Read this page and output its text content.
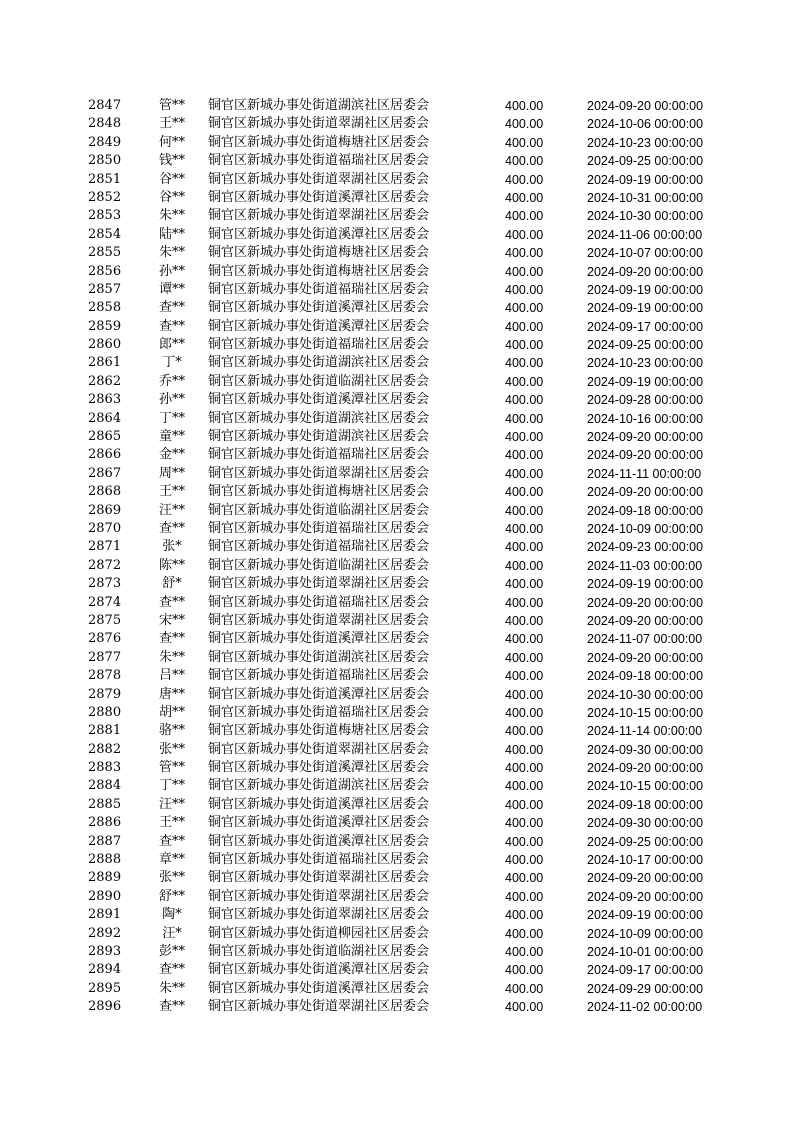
2847	管** 铜官区新城办事处街道湖滨社区居委会	400.00	2024-09-20 00:00:00
2848	王** 铜官区新城办事处街道翠湖社区居委会	400.00	2024-10-06 00:00:00
2849	何** 铜官区新城办事处街道梅塘社区居委会	400.00	2024-10-23 00:00:00
2850	钱** 铜官区新城办事处街道福瑞社区居委会	400.00	2024-09-25 00:00:00
2851	谷** 铜官区新城办事处街道翠湖社区居委会	400.00	2024-09-19 00:00:00
2852	谷** 铜官区新城办事处街道溪潭社区居委会	400.00	2024-10-31 00:00:00
2853	朱** 铜官区新城办事处街道翠湖社区居委会	400.00	2024-10-30 00:00:00
2854	陆** 铜官区新城办事处街道溪潭社区居委会	400.00	2024-11-06 00:00:00
2855	朱** 铜官区新城办事处街道梅塘社区居委会	400.00	2024-10-07 00:00:00
2856	孙** 铜官区新城办事处街道梅塘社区居委会	400.00	2024-09-20 00:00:00
2857	谭** 铜官区新城办事处街道福瑞社区居委会	400.00	2024-09-19 00:00:00
2858	查** 铜官区新城办事处街道溪潭社区居委会	400.00	2024-09-19 00:00:00
2859	查** 铜官区新城办事处街道溪潭社区居委会	400.00	2024-09-17 00:00:00
2860	郎** 铜官区新城办事处街道福瑞社区居委会	400.00	2024-09-25 00:00:00
2861	丁*	铜官区新城办事处街道湖滨社区居委会	400.00	2024-10-23 00:00:00
2862	乔** 铜官区新城办事处街道临湖社区居委会	400.00	2024-09-19 00:00:00
2863	孙** 铜官区新城办事处街道溪潭社区居委会	400.00	2024-09-28 00:00:00
2864	丁** 铜官区新城办事处街道湖滨社区居委会	400.00	2024-10-16 00:00:00
2865	童** 铜官区新城办事处街道湖滨社区居委会	400.00	2024-09-20 00:00:00
2866	金** 铜官区新城办事处街道福瑞社区居委会	400.00	2024-09-20 00:00:00
2867	周** 铜官区新城办事处街道翠湖社区居委会	400.00	2024-11-11 00:00:00
2868	王** 铜官区新城办事处街道梅塘社区居委会	400.00	2024-09-20 00:00:00
2869	汪** 铜官区新城办事处街道临湖社区居委会	400.00	2024-09-18 00:00:00
2870	查** 铜官区新城办事处街道福瑞社区居委会	400.00	2024-10-09 00:00:00
2871	张*	铜官区新城办事处街道福瑞社区居委会	400.00	2024-09-23 00:00:00
2872	陈** 铜官区新城办事处街道临湖社区居委会	400.00	2024-11-03 00:00:00
2873	舒*	铜官区新城办事处街道翠湖社区居委会	400.00	2024-09-19 00:00:00
2874	查** 铜官区新城办事处街道福瑞社区居委会	400.00	2024-09-20 00:00:00
2875	宋** 铜官区新城办事处街道翠湖社区居委会	400.00	2024-09-20 00:00:00
2876	查** 铜官区新城办事处街道溪潭社区居委会	400.00	2024-11-07 00:00:00
2877	朱** 铜官区新城办事处街道湖滨社区居委会	400.00	2024-09-20 00:00:00
2878	吕** 铜官区新城办事处街道福瑞社区居委会	400.00	2024-09-18 00:00:00
2879	唐** 铜官区新城办事处街道溪潭社区居委会	400.00	2024-10-30 00:00:00
2880	胡** 铜官区新城办事处街道福瑞社区居委会	400.00	2024-10-15 00:00:00
2881	骆** 铜官区新城办事处街道梅塘社区居委会	400.00	2024-11-14 00:00:00
2882	张** 铜官区新城办事处街道翠湖社区居委会	400.00	2024-09-30 00:00:00
2883	管** 铜官区新城办事处街道溪潭社区居委会	400.00	2024-09-20 00:00:00
2884	丁** 铜官区新城办事处街道湖滨社区居委会	400.00	2024-10-15 00:00:00
2885	汪** 铜官区新城办事处街道溪潭社区居委会	400.00	2024-09-18 00:00:00
2886	王** 铜官区新城办事处街道溪潭社区居委会	400.00	2024-09-30 00:00:00
2887	查** 铜官区新城办事处街道溪潭社区居委会	400.00	2024-09-25 00:00:00
2888	章** 铜官区新城办事处街道福瑞社区居委会	400.00	2024-10-17 00:00:00
2889	张** 铜官区新城办事处街道翠湖社区居委会	400.00	2024-09-20 00:00:00
2890	舒** 铜官区新城办事处街道翠湖社区居委会	400.00	2024-09-20 00:00:00
2891	陶*	铜官区新城办事处街道翠湖社区居委会	400.00	2024-09-19 00:00:00
2892	汪*	铜官区新城办事处街道柳园社区居委会	400.00	2024-10-09 00:00:00
2893	彭** 铜官区新城办事处街道临湖社区居委会	400.00	2024-10-01 00:00:00
2894	查** 铜官区新城办事处街道溪潭社区居委会	400.00	2024-09-17 00:00:00
2895	朱** 铜官区新城办事处街道溪潭社区居委会	400.00	2024-09-29 00:00:00
2896	查** 铜官区新城办事处街道翠湖社区居委会	400.00	2024-11-02 00:00:00
